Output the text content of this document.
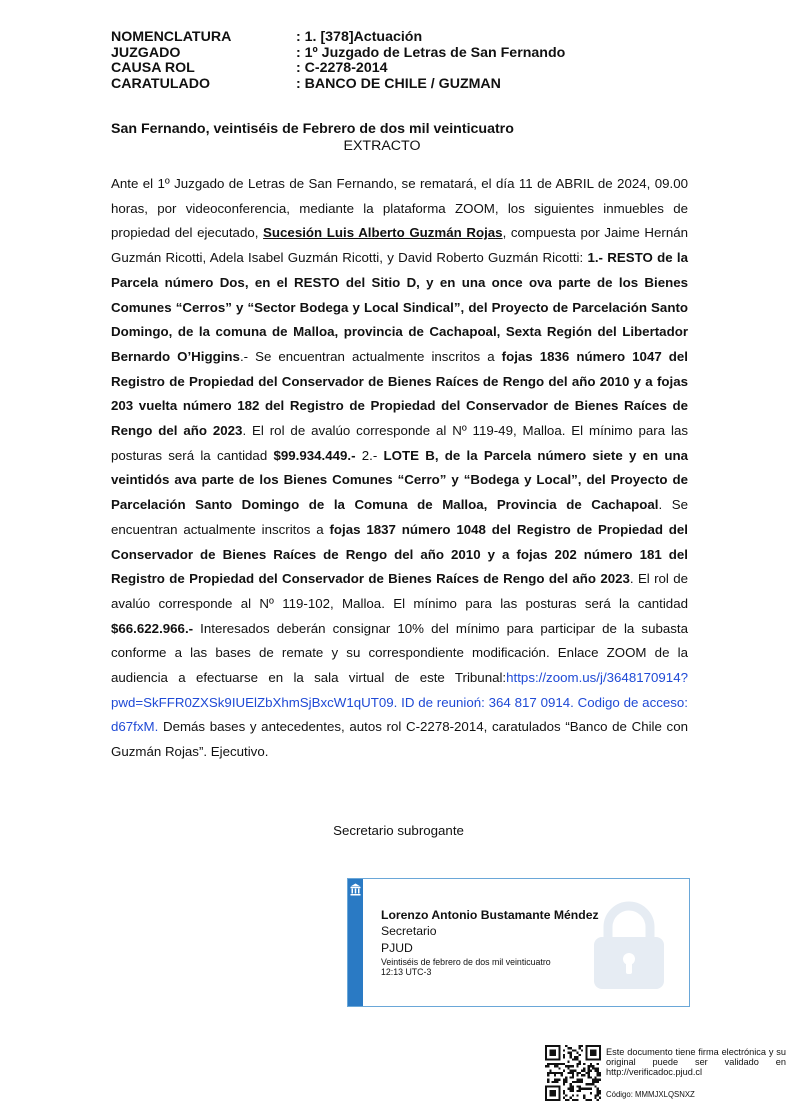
NOMENCLATURA	: 1. [378]Actuación
JUZGADO	: 1º Juzgado de Letras de San Fernando
CAUSA ROL	: C-2278-2014
CARATULADO	: BANCO DE CHILE / GUZMAN
San Fernando, veintiséis de Febrero de dos mil veinticuatro
EXTRACTO

Ante el 1º Juzgado de Letras de San Fernando, se rematará, el día 11 de ABRIL de 2024, 09.00 horas, por videoconferencia, mediante la plataforma ZOOM, los siguientes inmuebles de propiedad del ejecutado, Sucesión Luis Alberto Guzmán Rojas, compuesta por Jaime Hernán Guzmán Ricotti, Adela Isabel Guzmán Ricotti, y David Roberto Guzmán Ricotti: 1.- RESTO de la Parcela número Dos, en el RESTO del Sitio D, y en una once ova parte de los Bienes Comunes “Cerros” y “Sector Bodega y Local Sindical”, del Proyecto de Parcelación Santo Domingo, de la comuna de Malloa, provincia de Cachapoal, Sexta Región del Libertador Bernardo O’Higgins.- Se encuentran actualmente inscritos a fojas 1836 número 1047 del Registro de Propiedad del Conservador de Bienes Raíces de Rengo del año 2010 y a fojas 203 vuelta número 182 del Registro de Propiedad del Conservador de Bienes Raíces de Rengo del año 2023. El rol de avalúo corresponde al Nº 119-49, Malloa. El mínimo para las posturas será la cantidad $99.934.449.- 2.- LOTE B, de la Parcela número siete y en una veintidós ava parte de los Bienes Comunes “Cerro” y “Bodega y Local”, del Proyecto de Parcelación Santo Domingo de la Comuna de Malloa, Provincia de Cachapoal. Se encuentran actualmente inscritos a fojas 1837 número 1048 del Registro de Propiedad del Conservador de Bienes Raíces de Rengo del año 2010 y a fojas 202 número 181 del Registro de Propiedad del Conservador de Bienes Raíces de Rengo del año 2023. El rol de avalúo corresponde al Nº 119-102, Malloa. El mínimo para las posturas será la cantidad $66.622.966.- Interesados deberán consignar 10% del mínimo para participar de la subasta conforme a las bases de remate y su correspondiente modificación. Enlace ZOOM de la audiencia a efectuarse en la sala virtual de este Tribunal:https://zoom.us/j/3648170914?pwd=SkFFR0ZXSk9IUElZbXhmSjBxcW1qUT09. ID de reunioń: 364 817 0914. Codigo de acceso: d67fxM. Demás bases y antecedentes, autos rol C-2278-2014, caratulados “Banco de Chile con Guzmán Rojas”. Ejecutivo.

Secretario subrogante
Lorenzo Antonio Bustamante Méndez
Secretario
PJUD
Veintiséis de febrero de dos mil veinticuatro
12:13 UTC-3
Este documento tiene firma electrónica y su original puede ser validado en http://verificadoc.pjud.cl
Código: MMMJXLQSNXZ
